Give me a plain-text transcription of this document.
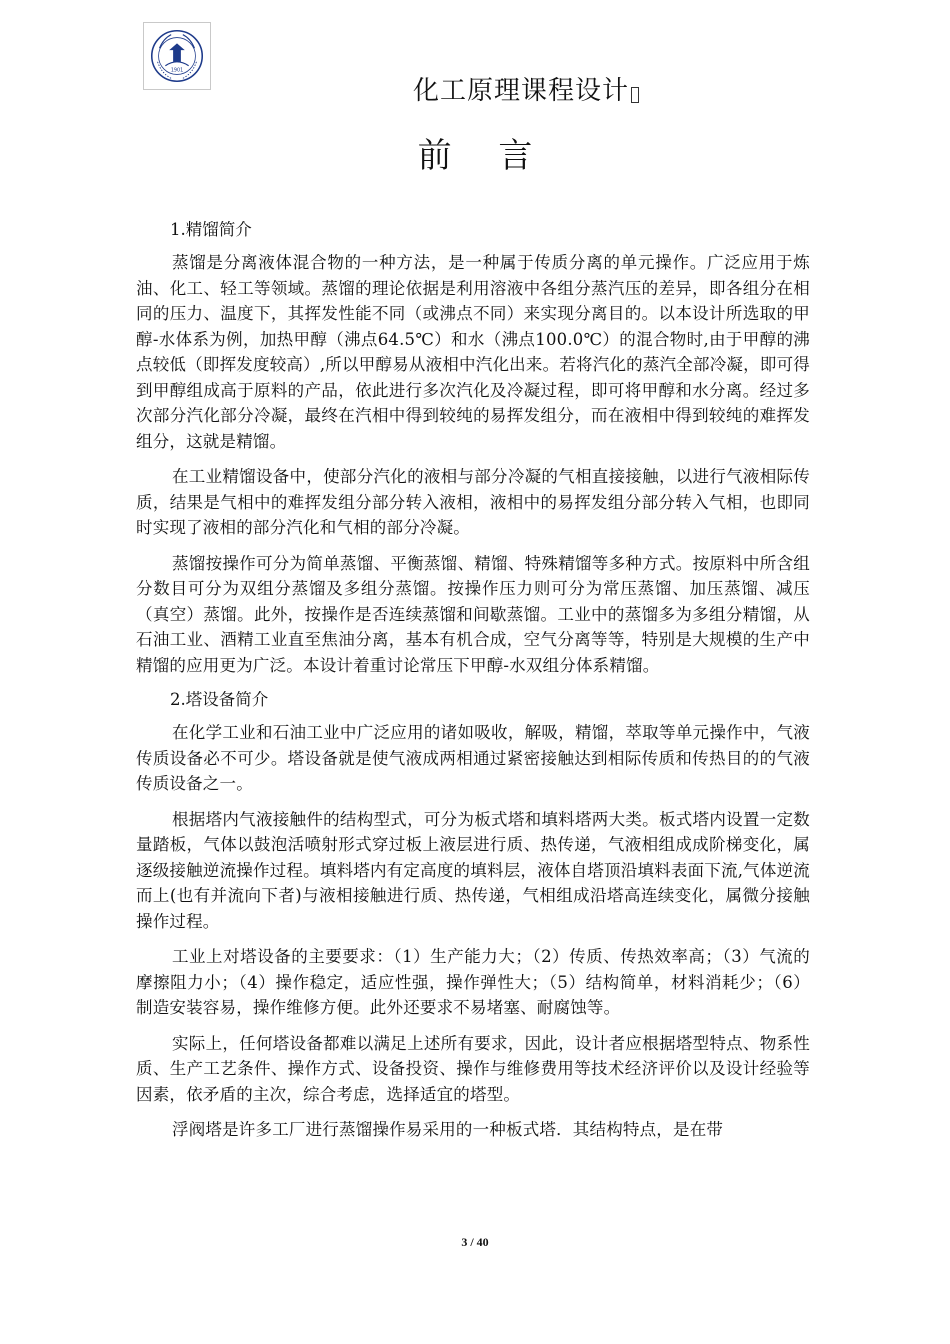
1901
化工原理课程设计
前 言
1.精馏简介

蒸馏是分离液体混合物的一种方法，是一种属于传质分离的单元操作。广泛应用于炼油、化工、轻工等领域。蒸馏的理论依据是利用溶液中各组分蒸汽压的差异，即各组分在相同的压力、温度下，其挥发性能不同（或沸点不同）来实现分离目的。以本设计所选取的甲醇-水体系为例，加热甲醇（沸点64.5℃）和水（沸点100.0℃）的混合物时,由于甲醇的沸点较低（即挥发度较高）,所以甲醇易从液相中汽化出来。若将汽化的蒸汽全部冷凝，即可得到甲醇组成高于原料的产品，依此进行多次汽化及冷凝过程，即可将甲醇和水分离。经过多次部分汽化部分冷凝，最终在汽相中得到较纯的易挥发组分，而在液相中得到较纯的难挥发组分，这就是精馏。

在工业精馏设备中，使部分汽化的液相与部分冷凝的气相直接接触，以进行气液相际传质，结果是气相中的难挥发组分部分转入液相，液相中的易挥发组分部分转入气相，也即同时实现了液相的部分汽化和气相的部分冷凝。

蒸馏按操作可分为简单蒸馏、平衡蒸馏、精馏、特殊精馏等多种方式。按原料中所含组分数目可分为双组分蒸馏及多组分蒸馏。按操作压力则可分为常压蒸馏、加压蒸馏、减压（真空）蒸馏。此外，按操作是否连续蒸馏和间歇蒸馏。工业中的蒸馏多为多组分精馏，从石油工业、酒精工业直至焦油分离，基本有机合成，空气分离等等，特别是大规模的生产中精馏的应用更为广泛。本设计着重讨论常压下甲醇-水双组分体系精馏。

2.塔设备简介

在化学工业和石油工业中广泛应用的诸如吸收，解吸，精馏，萃取等单元操作中，气液传质设备必不可少。塔设备就是使气液成两相通过紧密接触达到相际传质和传热目的的气液传质设备之一。

根据塔内气液接触件的结构型式，可分为板式塔和填料塔两大类。板式塔内设置一定数量踏板，气体以鼓泡活喷射形式穿过板上液层进行质、热传递，气液相组成成阶梯变化，属逐级接触逆流操作过程。填料塔内有定高度的填料层，液体自塔顶沿填料表面下流,气体逆流而上(也有并流向下者)与液相接触进行质、热传递，气相组成沿塔高连续变化，属微分接触操作过程。

工业上对塔设备的主要要求：（1）生产能力大；（2）传质、传热效率高；（3）气流的摩擦阻力小；（4）操作稳定，适应性强，操作弹性大；（5）结构简单，材料消耗少；（6）制造安装容易，操作维修方便。此外还要求不易堵塞、耐腐蚀等。

实际上，任何塔设备都难以满足上述所有要求，因此，设计者应根据塔型特点、物系性质、生产工艺条件、操作方式、设备投资、操作与维修费用等技术经济评价以及设计经验等因素，依矛盾的主次，综合考虑，选择适宜的塔型。

浮阀塔是许多工厂进行蒸馏操作易采用的一种板式塔．其结构特点，是在带

3 / 40
